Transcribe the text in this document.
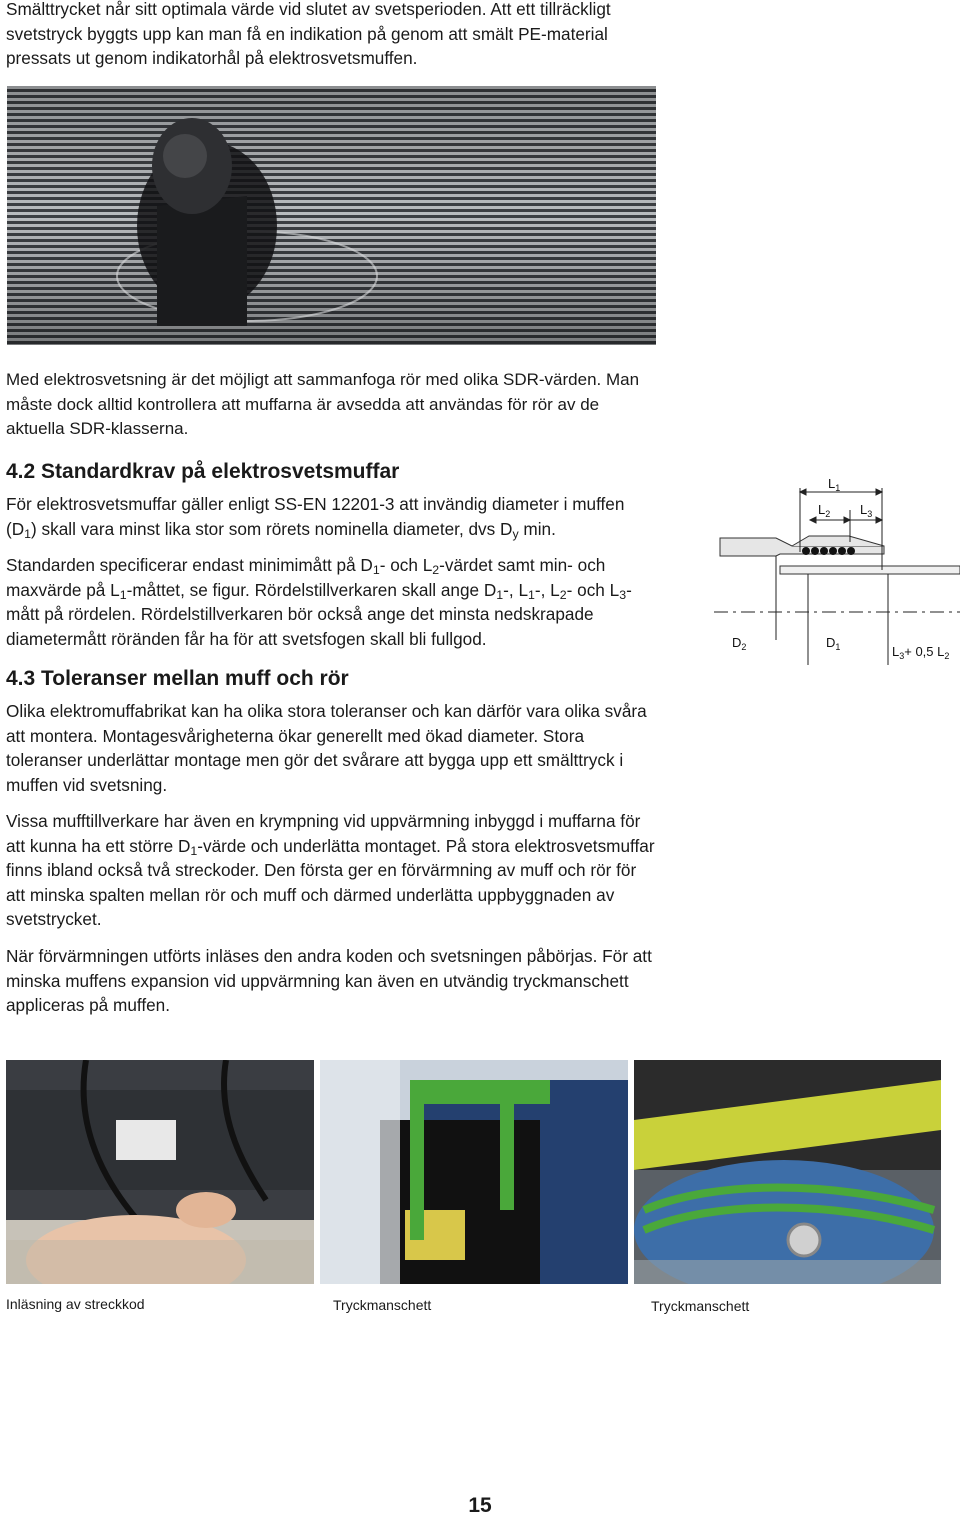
Smälttrycket når sitt optimala värde vid slutet av svetsperioden. Att ett tillräckligt svetstryck byggts upp kan man få en indikation på genom att smält PE-material pressats ut genom indikatorhål på elektrosvetsmuffen.

Med elektrosvetsning är det möjligt att sammanfoga rör med olika SDR-värden. Man måste dock alltid kontrollera att muffarna är avsedda att användas för rör av de aktuella SDR-klasserna.

4.2 Standardkrav på elektrosvetsmuffar

För elektrosvetsmuffar gäller enligt SS-EN 12201-3 att invändig diameter i muffen $(D_1)$ skall vara minst lika stor som rörets nominella diameter, dvs $D_y$ min.

Standarden specificerar endast minimimått på $D_1-$ och $L_2$-värdet samt min- och maxvärde på $L_1$-måttet, se figur. Rördelstillverkaren skall ange $D_1-$, $L_1-$, $L_2-$ och $L_3$-mått på rördelen. Rördelstillverkaren bör också ange det minsta nedskrapade diametermått röränden får ha för att svetsfogen skall bli fullgod.

$L_1$
$L_2$ $L_3$
$D_2$	$D_1$	$L_3+ 0,5$ $L_2$
4.3 Toleranser mellan muff och rör

Olika elektromuffabrikat kan ha olika stora toleranser och kan därför vara olika svåra att montera. Montagesvårigheterna ökar generellt med ökad diameter. Stora toleranser underlättar montage men gör det svårare att bygga upp ett smälttryck i muffen vid svetsning.

Vissa mufftillverkare har även en krympning vid uppvärmning inbyggd i muffarna för att kunna ha ett större $D_1$-värde och underlätta montaget. På stora elektrosvetsmuffar finns ibland också två streckoder. Den första ger en förvärmning av muff och rör för att minska spalten mellan rör och muff och därmed underlätta uppbyggnaden av svetstrycket.

När förvärmningen utförts inläses den andra koden och svetsningen påbörjas. För att minska muffens expansion vid uppvärmning kan även en utvändig tryckmanschett appliceras på muffen.

Inläsning av streckkod	Tryckmanschett	Tryckmanschett
15
